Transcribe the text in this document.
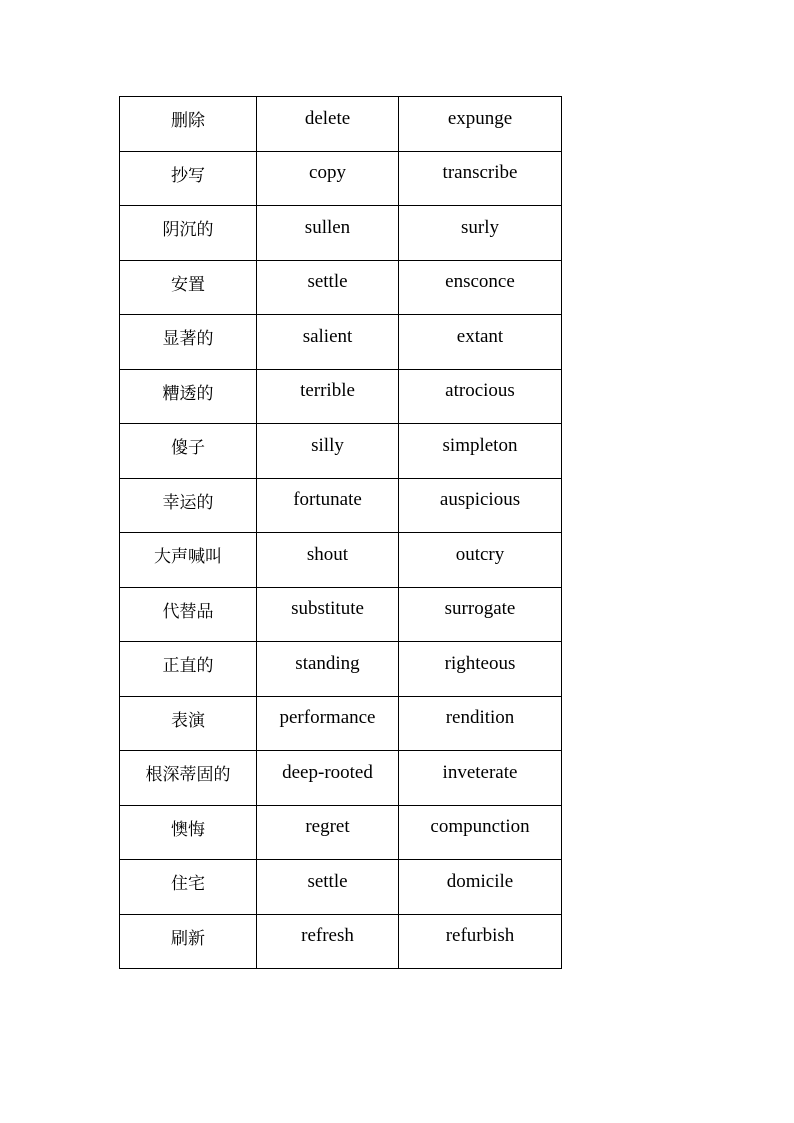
删除	delete	expunge
抄写	copy	transcribe
阴沉的	sullen	surly
安置	settle	ensconce
显著的	salient	extant
糟透的	terrible	atrocious
傻子	silly	simpleton
幸运的	fortunate	auspicious
大声喊叫	shout	outcry
代替品	substitute	surrogate
正直的	standing	righteous
表演	performance	rendition
根深蒂固的	deep-rooted	inveterate
懊悔	regret	compunction
住宅	settle	domicile
刷新	refresh	refurbish
